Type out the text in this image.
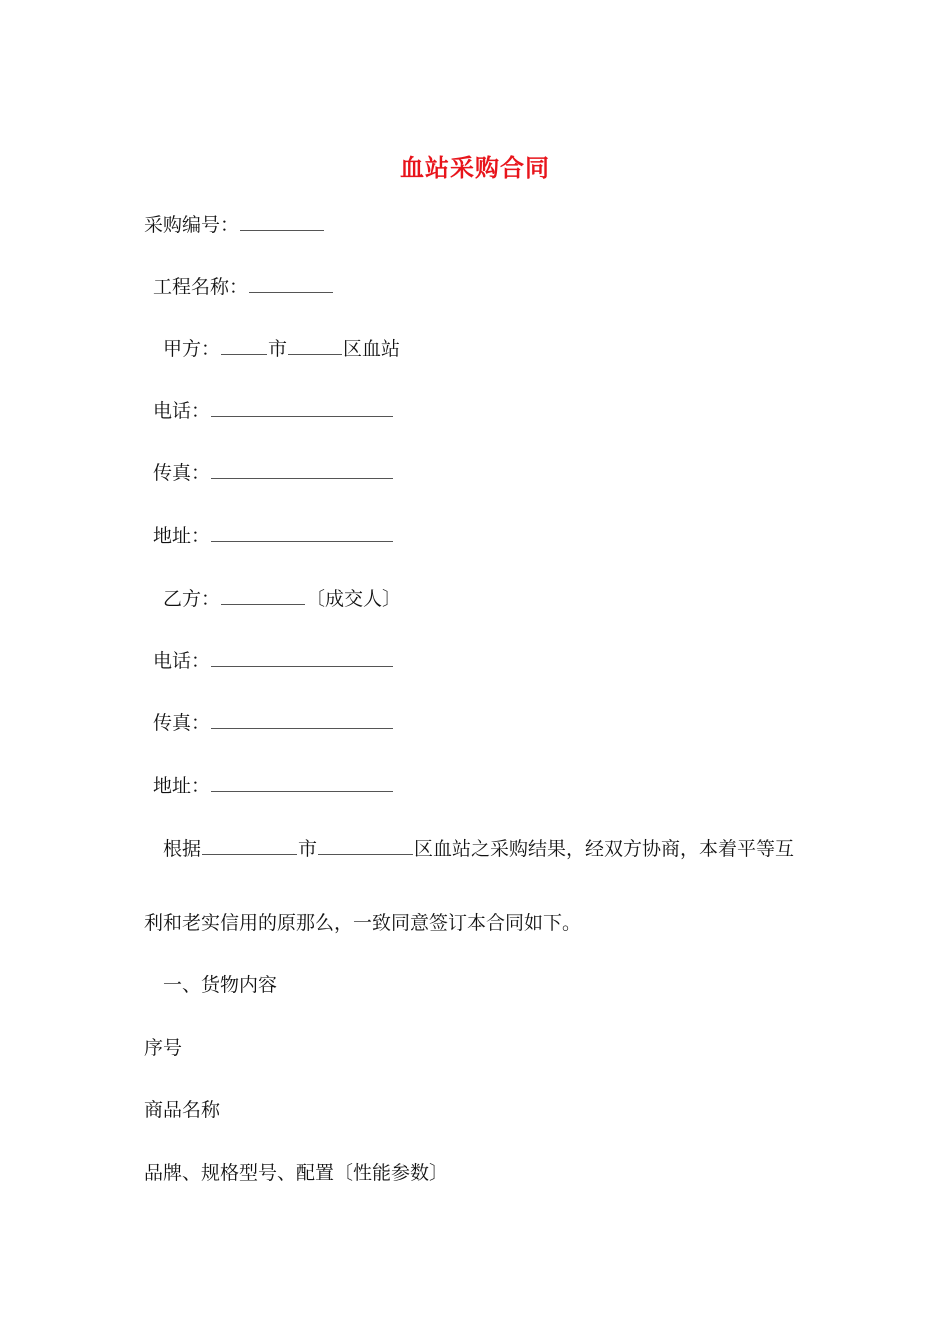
血站采购合同
采购编号：
工程名称：
甲方：	市	区血站
电话：
传真：
地址：
乙方：	〔成交人〕
电话：
传真：
地址：
根据	市	区血站之采购结果，经双方协商，本着平等互
利和老实信用的原那么，一致同意签订本合同如下。
一、货物内容
序号
商品名称
品牌、规格型号、配置〔性能参数〕
